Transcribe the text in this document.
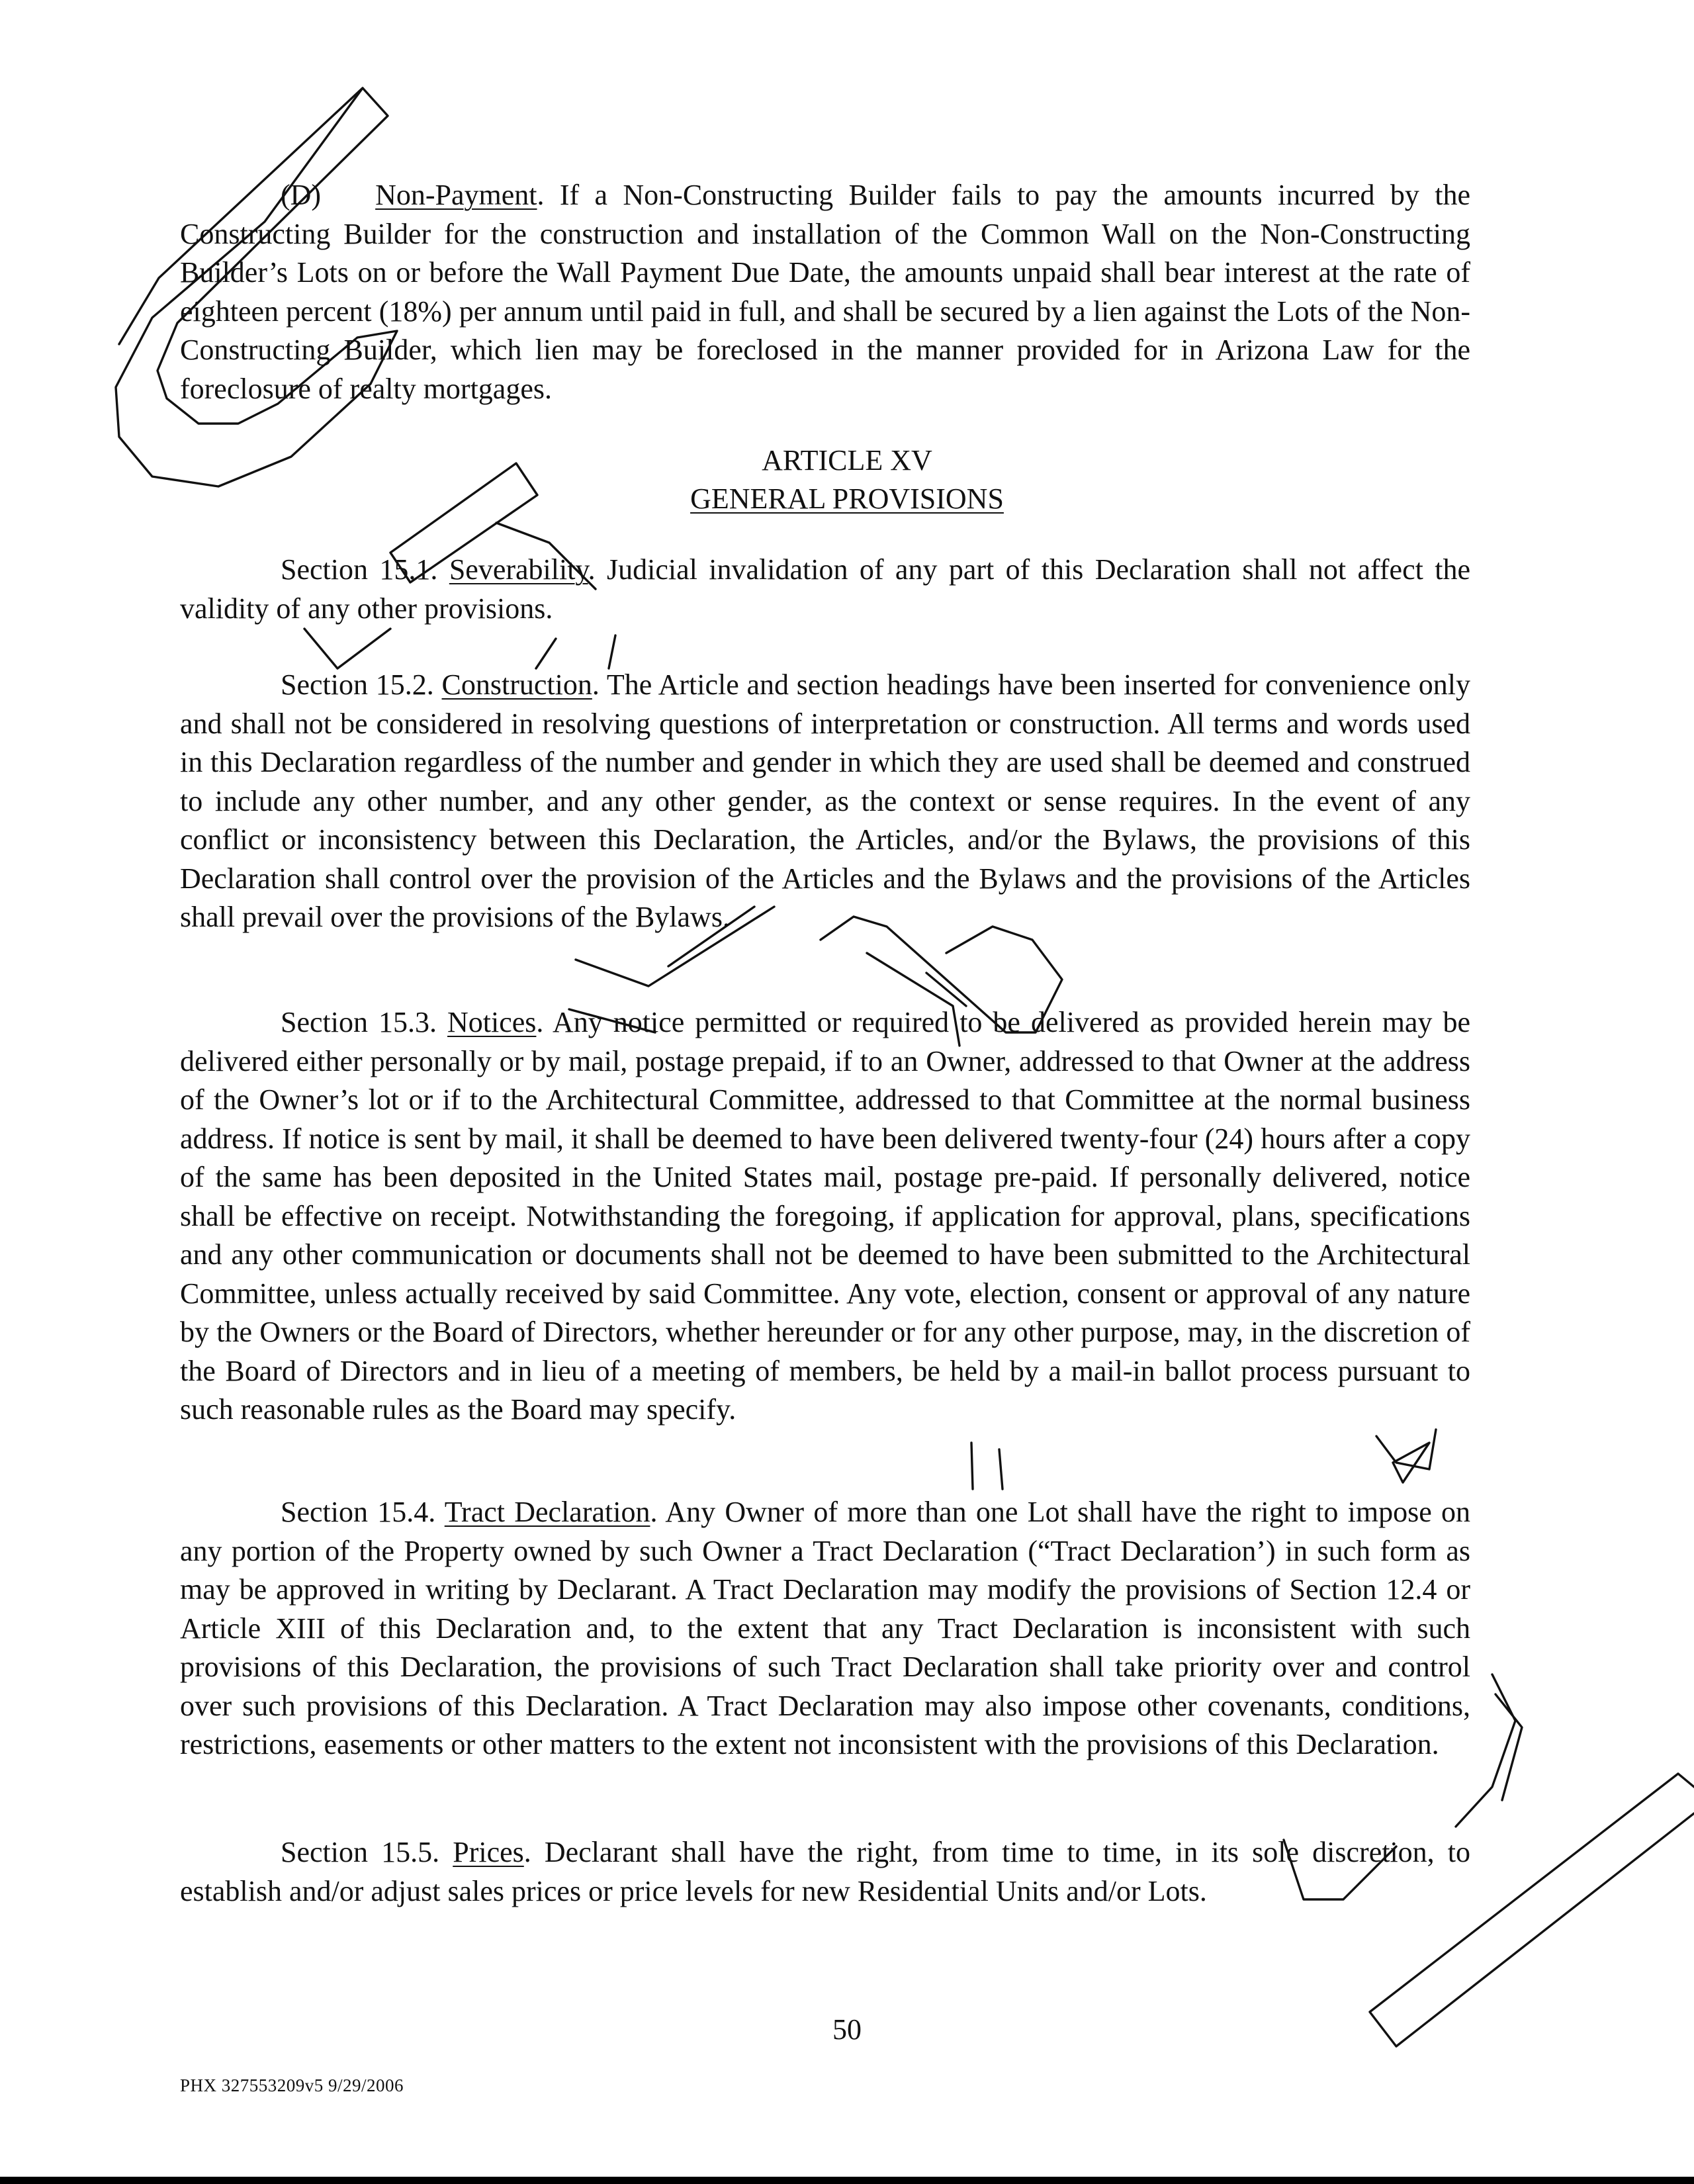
(D)   Non-Payment. If a Non-Constructing Builder fails to pay the amounts incurred by the Constructing Builder for the construction and installation of the Common Wall on the Non-Constructing Builder’s Lots on or before the Wall Payment Due Date, the amounts unpaid shall bear interest at the rate of eighteen percent (18%) per annum until paid in full, and shall be secured by a lien against the Lots of the Non-Constructing Builder, which lien may be foreclosed in the manner provided for in Arizona Law for the foreclosure of realty mortgages.

ARTICLE XV

GENERAL PROVISIONS

Section 15.1. Severability. Judicial invalidation of any part of this Declaration shall not affect the validity of any other provisions.

Section 15.2. Construction. The Article and section headings have been inserted for convenience only and shall not be considered in resolving questions of interpretation or construction. All terms and words used in this Declaration regardless of the number and gender in which they are used shall be deemed and construed to include any other number, and any other gender, as the context or sense requires. In the event of any conflict or inconsistency between this Declaration, the Articles, and/or the Bylaws, the provisions of this Declaration shall control over the provision of the Articles and the Bylaws and the provisions of the Articles shall prevail over the provisions of the Bylaws.

Section 15.3. Notices. Any notice permitted or required to be delivered as provided herein may be delivered either personally or by mail, postage prepaid, if to an Owner, addressed to that Owner at the address of the Owner’s lot or if to the Architectural Committee, addressed to that Committee at the normal business address. If notice is sent by mail, it shall be deemed to have been delivered twenty-four (24) hours after a copy of the same has been deposited in the United States mail, postage pre-paid. If personally delivered, notice shall be effective on receipt. Notwithstanding the foregoing, if application for approval, plans, specifications and any other communication or documents shall not be deemed to have been submitted to the Architectural Committee, unless actually received by said Committee. Any vote, election, consent or approval of any nature by the Owners or the Board of Directors, whether hereunder or for any other purpose, may, in the discretion of the Board of Directors and in lieu of a meeting of members, be held by a mail-in ballot process pursuant to such reasonable rules as the Board may specify.

Section 15.4. Tract Declaration. Any Owner of more than one Lot shall have the right to impose on any portion of the Property owned by such Owner a Tract Declaration (“Tract Declaration’) in such form as may be approved in writing by Declarant. A Tract Declaration may modify the provisions of Section 12.4 or Article XIII of this Declaration and, to the extent that any Tract Declaration is inconsistent with such provisions of this Declaration, the provisions of such Tract Declaration shall take priority over and control over such provisions of this Declaration. A Tract Declaration may also impose other covenants, conditions, restrictions, easements or other matters to the extent not inconsistent with the provisions of this Declaration.

Section 15.5. Prices. Declarant shall have the right, from time to time, in its sole discretion, to establish and/or adjust sales prices or price levels for new Residential Units and/or Lots.

50
PHX 327553209v5 9/29/2006
